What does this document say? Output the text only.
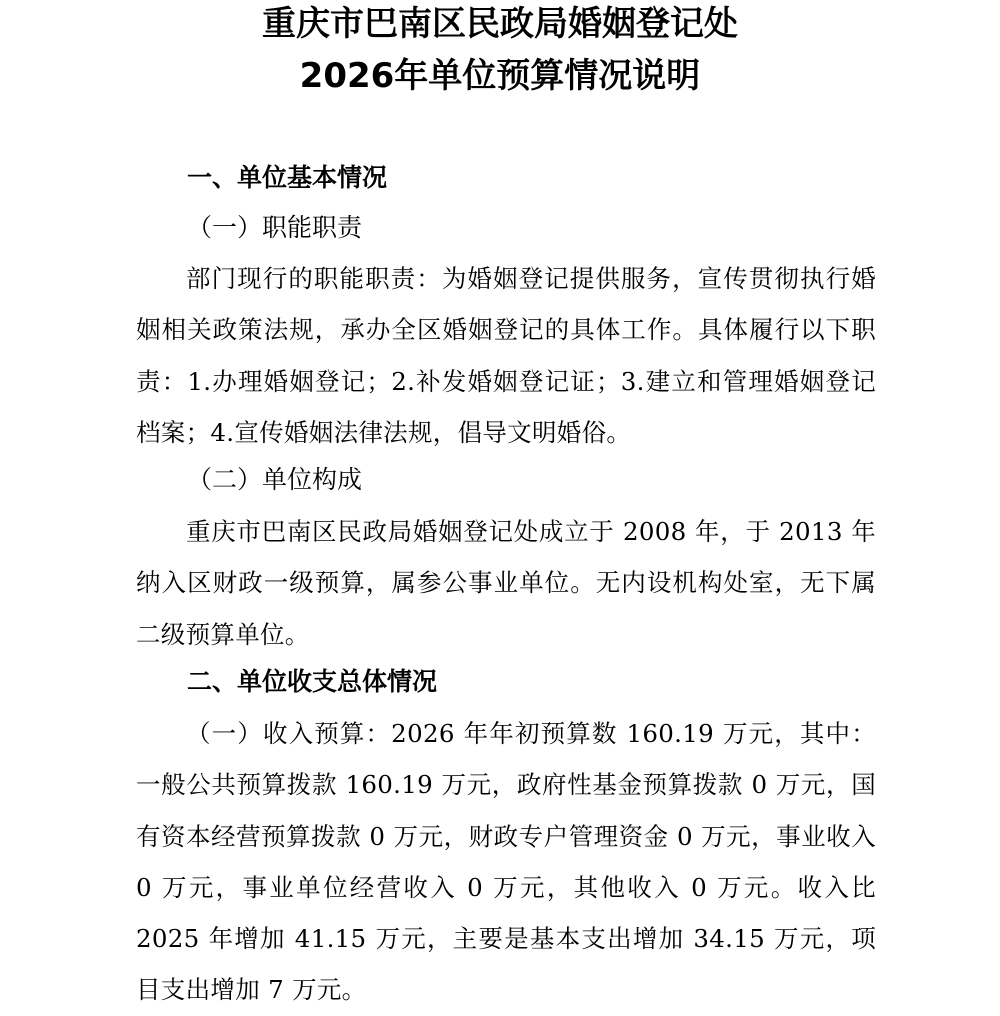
重庆市巴南区民政局婚姻登记处
2026年单位预算情况说明
一、单位基本情况
（一）职能职责
部门现行的职能职责：为婚姻登记提供服务，宣传贯彻执行婚姻相关政策法规，承办全区婚姻登记的具体工作。具体履行以下职责：1.办理婚姻登记；2.补发婚姻登记证；3.建立和管理婚姻登记档案；4.宣传婚姻法律法规，倡导文明婚俗。
（二）单位构成
重庆市巴南区民政局婚姻登记处成立于 2008 年，于 2013 年纳入区财政一级预算，属参公事业单位。无内设机构处室，无下属二级预算单位。
二、单位收支总体情况
（一）收入预算：2026 年年初预算数 160.19 万元，其中：一般公共预算拨款 160.19 万元，政府性基金预算拨款 0 万元，国有资本经营预算拨款 0 万元，财政专户管理资金 0 万元，事业收入 0 万元，事业单位经营收入 0 万元，其他收入 0 万元。收入比 2025 年增加 41.15 万元，主要是基本支出增加 34.15 万元，项目支出增加 7 万元。
